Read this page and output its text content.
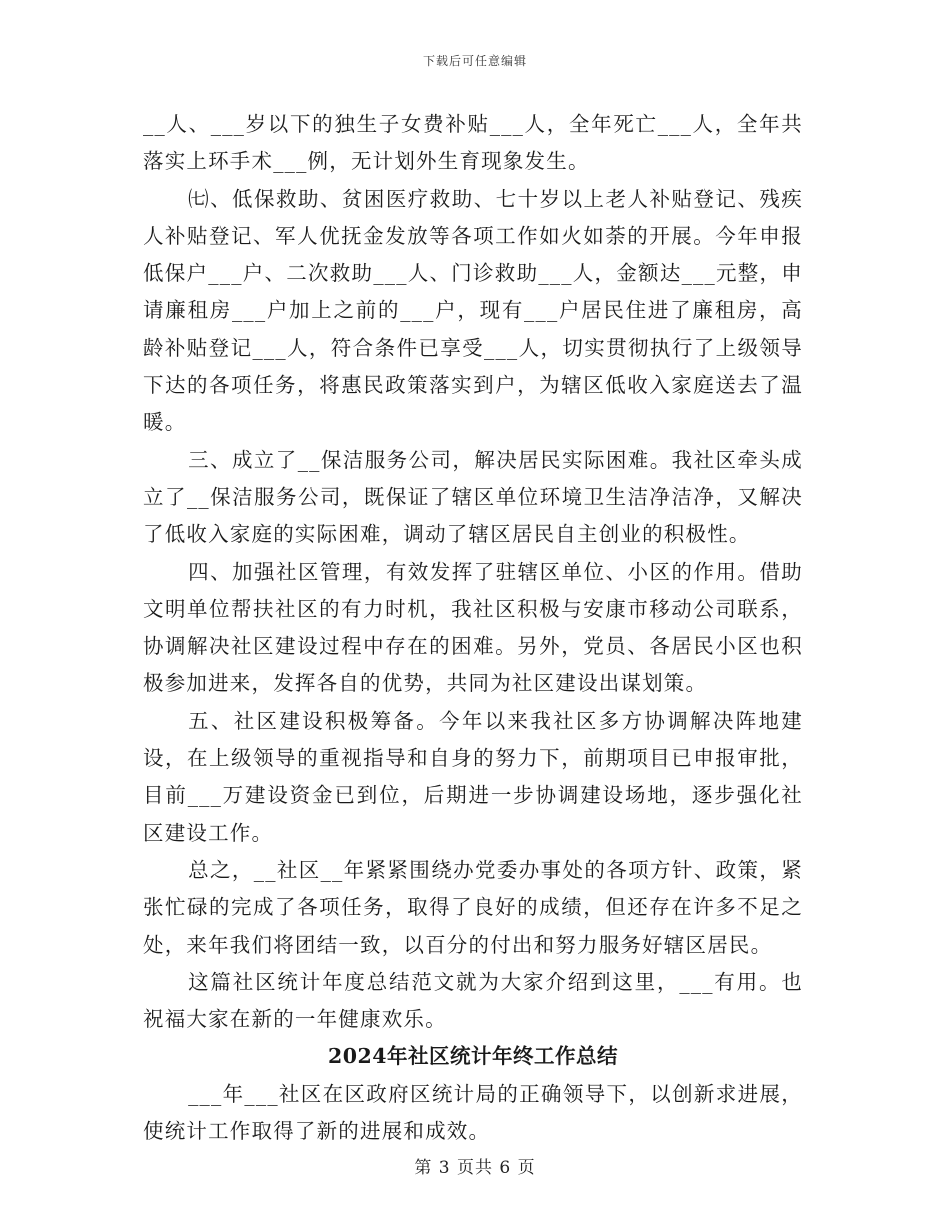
下载后可任意编辑

__人、___岁以下的独生子女费补贴___人，全年死亡___人，全年共落实上环手术___例，无计划外生育现象发生。

㈦、低保救助、贫困医疗救助、七十岁以上老人补贴登记、残疾人补贴登记、军人优抚金发放等各项工作如火如荼的开展。今年申报低保户___户、二次救助___人、门诊救助___人，金额达___元整，申请廉租房___户加上之前的___户，现有___户居民住进了廉租房，高龄补贴登记___人，符合条件已享受___人，切实贯彻执行了上级领导下达的各项任务，将惠民政策落实到户，为辖区低收入家庭送去了温暖。

三、成立了__保洁服务公司，解决居民实际困难。我社区牵头成立了__保洁服务公司，既保证了辖区单位环境卫生洁净洁净，又解决了低收入家庭的实际困难，调动了辖区居民自主创业的积极性。

四、加强社区管理，有效发挥了驻辖区单位、小区的作用。借助文明单位帮扶社区的有力时机，我社区积极与安康市移动公司联系，协调解决社区建设过程中存在的困难。另外，党员、各居民小区也积极参加进来，发挥各自的优势，共同为社区建设出谋划策。

五、社区建设积极筹备。今年以来我社区多方协调解决阵地建设，在上级领导的重视指导和自身的努力下，前期项目已申报审批，目前___万建设资金已到位，后期进一步协调建设场地，逐步强化社区建设工作。

总之，__社区__年紧紧围绕办党委办事处的各项方针、政策，紧张忙碌的完成了各项任务，取得了良好的成绩，但还存在许多不足之处，来年我们将团结一致，以百分的付出和努力服务好辖区居民。

这篇社区统计年度总结范文就为大家介绍到这里，___有用。也祝福大家在新的一年健康欢乐。

2024年社区统计年终工作总结

___年___社区在区政府区统计局的正确领导下，以创新求进展，使统计工作取得了新的进展和成效。

第 3 页共 6 页
